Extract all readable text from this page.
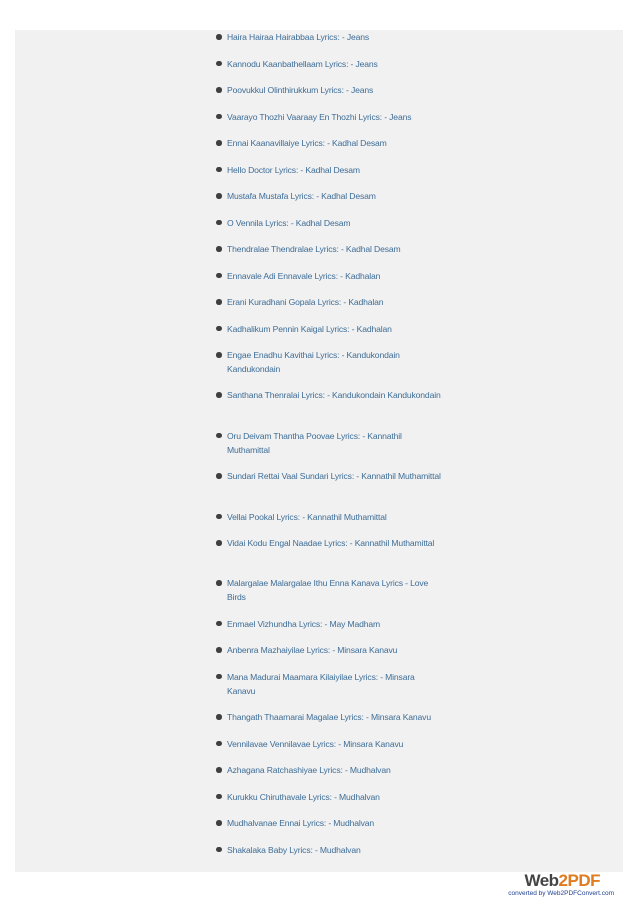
Haira Hairaa Hairabbaa Lyrics: - Jeans
Kannodu Kaanbathellaam Lyrics: - Jeans
Poovukkul Olinthirukkum Lyrics: - Jeans
Vaarayo Thozhi Vaaraay En Thozhi Lyrics: - Jeans
Ennai Kaanavillaiye Lyrics: - Kadhal Desam
Hello Doctor Lyrics: - Kadhal Desam
Mustafa Mustafa Lyrics: - Kadhal Desam
O Vennila Lyrics: - Kadhal Desam
Thendralae Thendralae Lyrics: - Kadhal Desam
Ennavale Adi Ennavale Lyrics: - Kadhalan
Erani Kuradhani Gopala Lyrics: - Kadhalan
Kadhalikum Pennin Kaigal Lyrics: - Kadhalan
Engae Enadhu Kavithai Lyrics: - Kandukondain Kandukondain
Santhana Thenralai Lyrics: - Kandukondain Kandukondain
Oru Deivam Thantha Poovae Lyrics: - Kannathil Muthamittal
Sundari Rettai Vaal Sundari Lyrics: - Kannathil Muthamittal
Vellai Pookal Lyrics: - Kannathil Muthamittal
Vidai Kodu Engal Naadae Lyrics: - Kannathil Muthamittal
Malargalae Malargalae Ithu Enna Kanava Lyrics - Love Birds
Enmael Vizhundha Lyrics: - May Madham
Anbenra Mazhaiyilae Lyrics: - Minsara Kanavu
Mana Madurai Maamara Kilaiyilae Lyrics: - Minsara Kanavu
Thangath Thaamarai Magalae Lyrics: - Minsara Kanavu
Vennilavae Vennilavae Lyrics: - Minsara Kanavu
Azhagana Ratchashiyae Lyrics: - Mudhalvan
Kurukku Chiruthavale Lyrics: - Mudhalvan
Mudhalvanae Ennai Lyrics: - Mudhalvan
Shakalaka Baby Lyrics: - Mudhalvan
Web2PDF
converted by Web2PDFConvert.com
